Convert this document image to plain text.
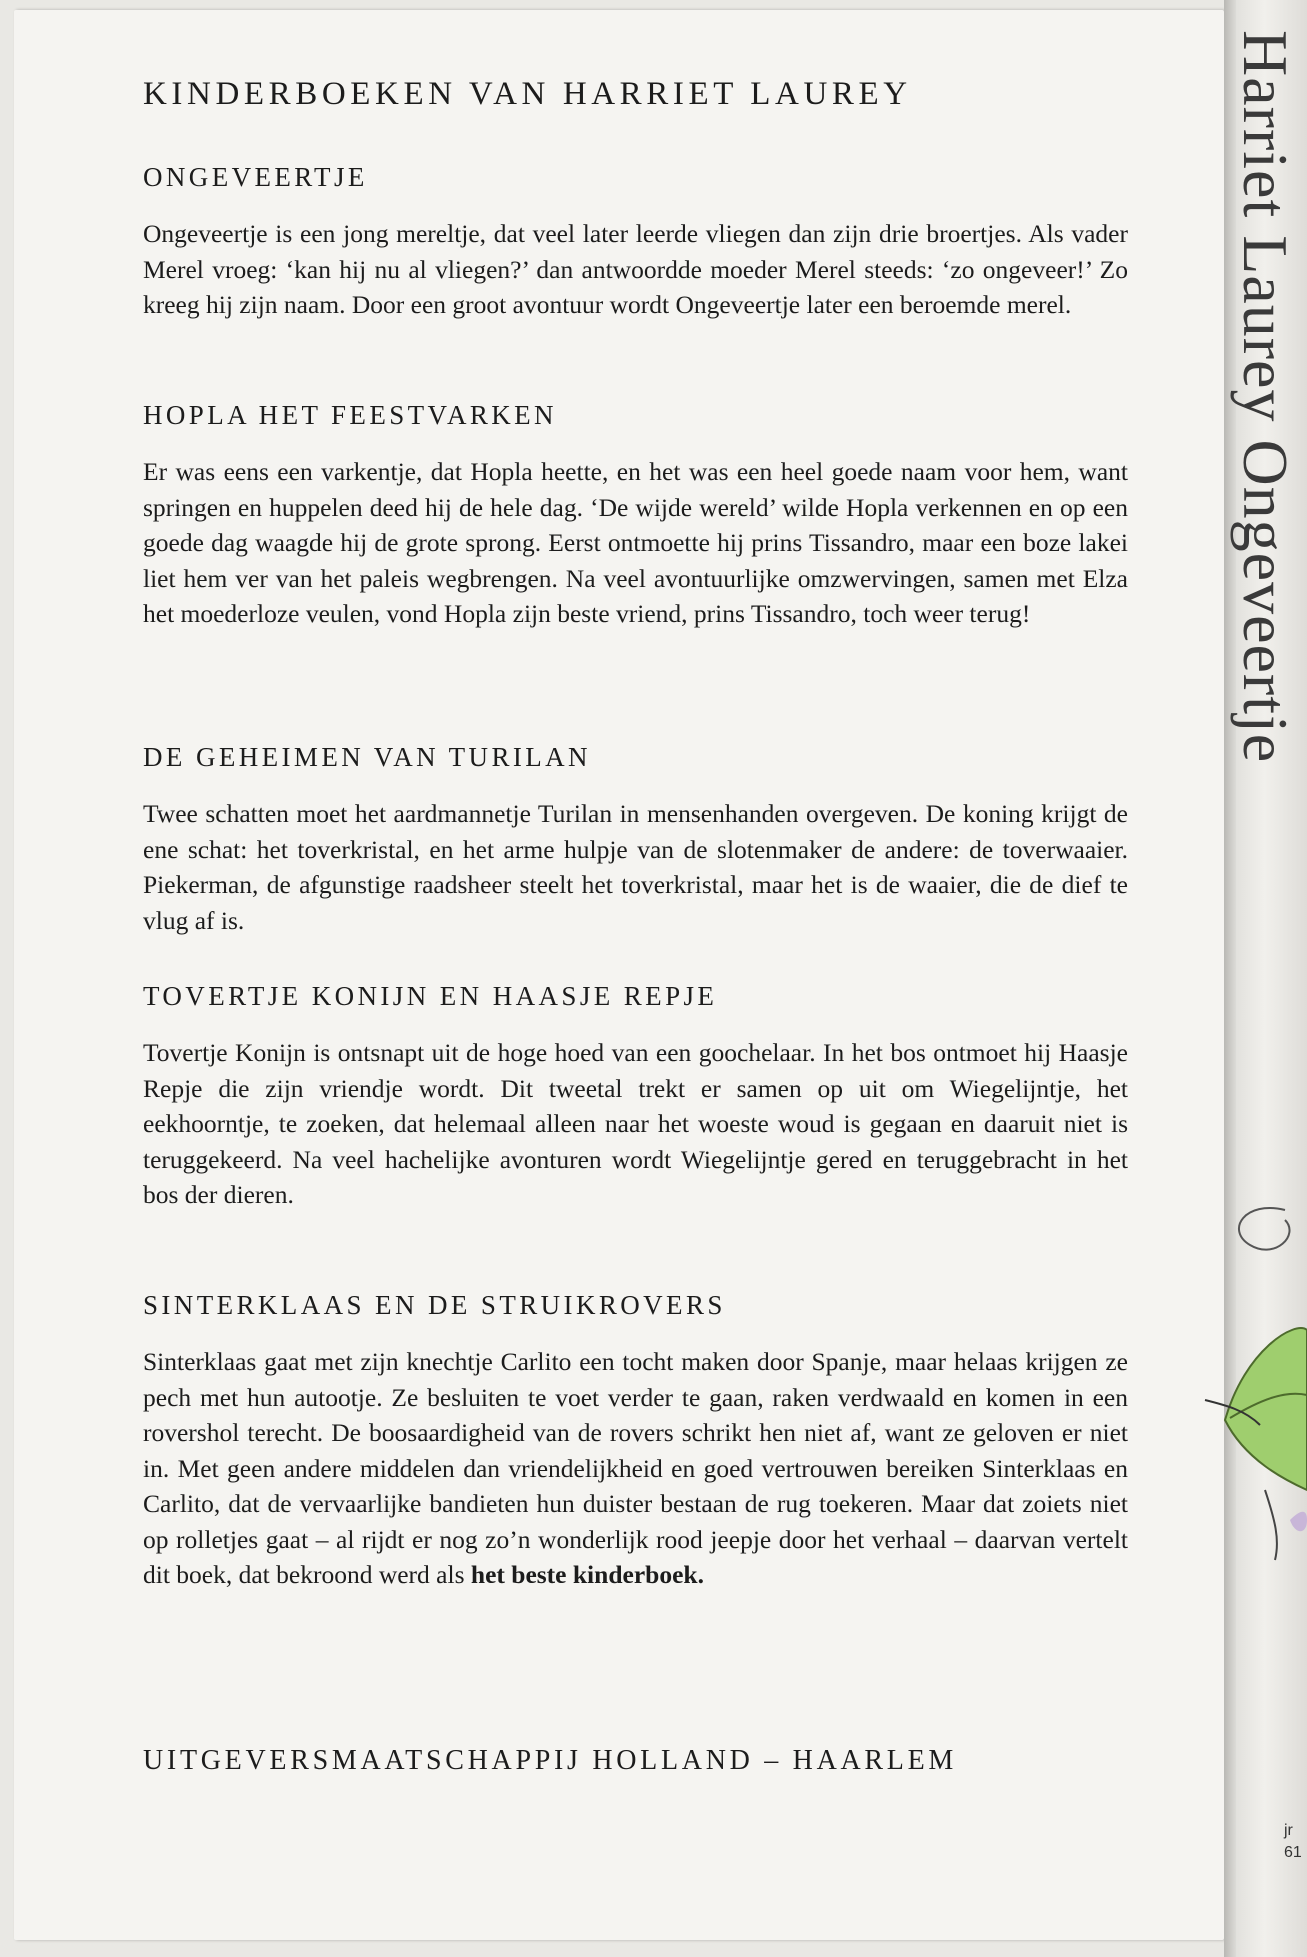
Harriet Laurey Ongeveertje
jr
61
KINDERBOEKEN VAN HARRIET LAUREY
ONGEVEERTJE

Ongeveertje is een jong mereltje, dat veel later leerde vliegen dan zijn drie broertjes. Als vader Merel vroeg: ‘kan hij nu al vliegen?’ dan antwoordde moeder Merel steeds: ‘zo ongeveer!’ Zo kreeg hij zijn naam. Door een groot avontuur wordt Ongeveertje later een beroemde merel.

HOPLA HET FEESTVARKEN

Er was eens een varkentje, dat Hopla heette, en het was een heel goede naam voor hem, want springen en huppelen deed hij de hele dag. ‘De wijde wereld’ wilde Hopla verkennen en op een goede dag waagde hij de grote sprong. Eerst ontmoette hij prins Tissandro, maar een boze lakei liet hem ver van het paleis wegbrengen. Na veel avontuurlijke omzwervingen, samen met Elza het moederloze veulen, vond Hopla zijn beste vriend, prins Tissandro, toch weer terug!

DE GEHEIMEN VAN TURILAN

Twee schatten moet het aardmannetje Turilan in mensenhanden overgeven. De koning krijgt de ene schat: het toverkristal, en het arme hulpje van de slotenmaker de andere: de toverwaaier. Piekerman, de afgunstige raadsheer steelt het toverkristal, maar het is de waaier, die de dief te vlug af is.

TOVERTJE KONIJN EN HAASJE REPJE

Tovertje Konijn is ontsnapt uit de hoge hoed van een goochelaar. In het bos ontmoet hij Haasje Repje die zijn vriendje wordt. Dit tweetal trekt er samen op uit om Wiegelijntje, het eekhoorntje, te zoeken, dat helemaal alleen naar het woeste woud is gegaan en daaruit niet is teruggekeerd. Na veel hachelijke avonturen wordt Wiegelijntje gered en teruggebracht in het bos der dieren.

SINTERKLAAS EN DE STRUIKROVERS

Sinterklaas gaat met zijn knechtje Carlito een tocht maken door Spanje, maar helaas krijgen ze pech met hun autootje. Ze besluiten te voet verder te gaan, raken verdwaald en komen in een rovershol terecht. De boosaardigheid van de rovers schrikt hen niet af, want ze geloven er niet in. Met geen andere middelen dan vriendelijkheid en goed vertrouwen bereiken Sinterklaas en Carlito, dat de vervaarlijke bandieten hun duister bestaan de rug toekeren. Maar dat zoiets niet op rolletjes gaat – al rijdt er nog zo’n wonderlijk rood jeepje door het verhaal – daarvan vertelt dit boek, dat bekroond werd als het beste kinderboek.

UITGEVERSMAATSCHAPPIJ HOLLAND – HAARLEM
